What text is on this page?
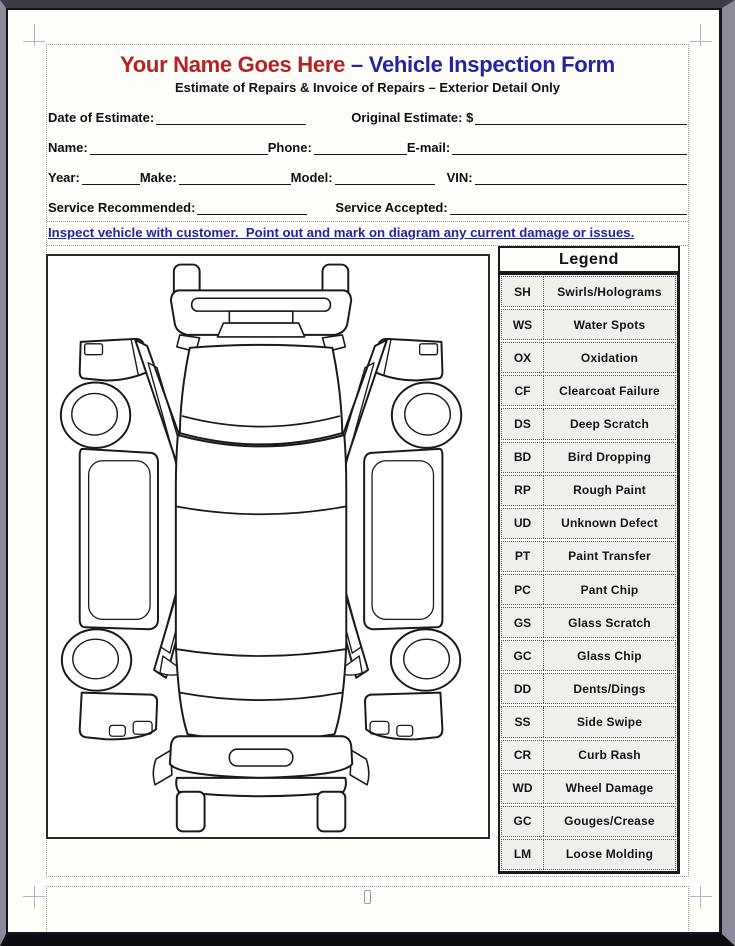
Your Name Goes Here – Vehicle Inspection Form
Estimate of Repairs & Invoice of Repairs – Exterior Detail Only
Date of Estimate:	Original Estimate: $
Name:	Phone:	E-mail:
Year:	Make:	Model:	VIN:
Service Recommended:	Service Accepted:
Inspect vehicle with customer.  Point out and mark on diagram any current damage or issues.
Legend
SH	Swirls/Holograms
WS	Water Spots
OX	Oxidation
CF	Clearcoat Failure
DS	Deep Scratch
BD	Bird Dropping
RP	Rough Paint
UD	Unknown Defect
PT	Paint Transfer
PC	Pant Chip
GS	Glass Scratch
GC	Glass Chip
DD	Dents/Dings
SS	Side Swipe
CR	Curb Rash
WD	Wheel Damage
GC	Gouges/Crease
LM	Loose Molding
